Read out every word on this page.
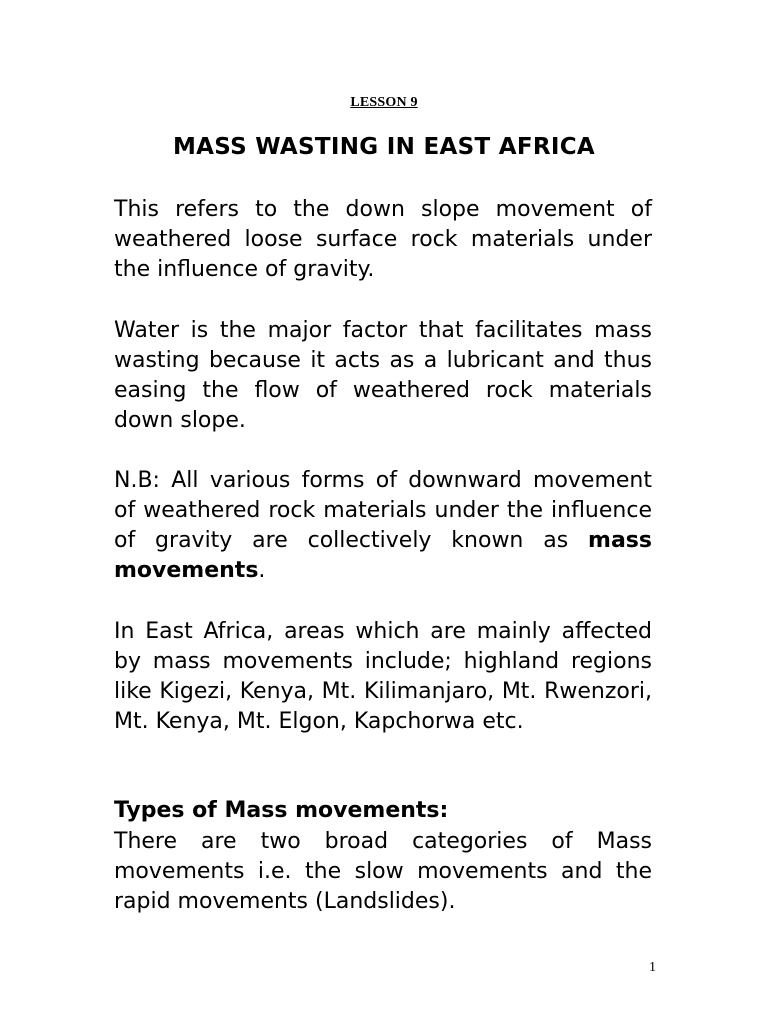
LESSON 9
MASS WASTING IN EAST AFRICA
This refers to the down slope movement of weathered loose surface rock materials under the influence of gravity.
Water is the major factor that facilitates mass wasting because it acts as a lubricant and thus easing the flow of weathered rock materials down slope.
N.B: All various forms of downward movement of weathered rock materials under the influence of gravity are collectively known as mass movements.
In East Africa, areas which are mainly affected by mass movements include; highland regions like Kigezi, Kenya, Mt. Kilimanjaro, Mt. Rwenzori, Mt. Kenya, Mt. Elgon, Kapchorwa etc.
Types of Mass movements:
There are two broad categories of Mass movements i.e. the slow movements and the rapid movements (Landslides).
1
